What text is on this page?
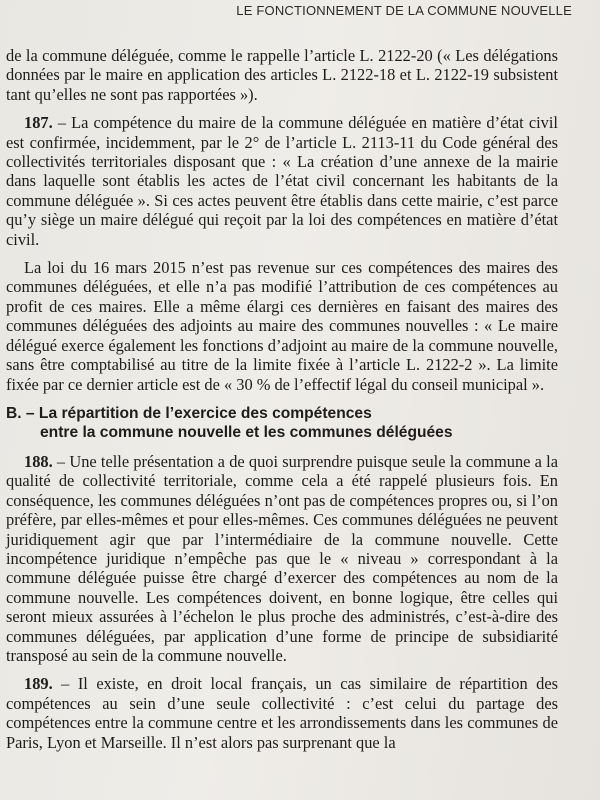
LE FONCTIONNEMENT DE LA COMMUNE NOUVELLE

de la commune déléguée, comme le rappelle l’article L. 2122-20 (« Les délégations données par le maire en application des articles L. 2122-18 et L. 2122-19 subsistent tant qu’elles ne sont pas rapportées »).

187. – La compétence du maire de la commune déléguée en matière d’état civil est confirmée, incidemment, par le 2° de l’article L. 2113-11 du Code général des collectivités territoriales disposant que : « La création d’une annexe de la mairie dans laquelle sont établis les actes de l’état civil concernant les habitants de la commune déléguée ». Si ces actes peuvent être établis dans cette mairie, c’est parce qu’y siège un maire délégué qui reçoit par la loi des compétences en matière d’état civil.

La loi du 16 mars 2015 n’est pas revenue sur ces compétences des maires des communes déléguées, et elle n’a pas modifié l’attribution de ces compétences au profit de ces maires. Elle a même élargi ces dernières en faisant des maires des communes déléguées des adjoints au maire des communes nouvelles : « Le maire délégué exerce également les fonctions d’adjoint au maire de la commune nouvelle, sans être comptabilisé au titre de la limite fixée à l’article L. 2122-2 ». La limite fixée par ce dernier article est de « 30 % de l’effectif légal du conseil municipal ».

B. – La répartition de l’exercice des compétences
entre la commune nouvelle et les communes déléguées

188. – Une telle présentation a de quoi surprendre puisque seule la commune a la qualité de collectivité territoriale, comme cela a été rappelé plusieurs fois. En conséquence, les communes déléguées n’ont pas de compétences propres ou, si l’on préfère, par elles-mêmes et pour elles-mêmes. Ces communes déléguées ne peuvent juridiquement agir que par l’intermédiaire de la commune nouvelle. Cette incompétence juridique n’empêche pas que le « niveau » correspondant à la commune déléguée puisse être chargé d’exercer des compétences au nom de la commune nouvelle. Les compétences doivent, en bonne logique, être celles qui seront mieux assurées à l’échelon le plus proche des administrés, c’est-à-dire des communes déléguées, par application d’une forme de principe de subsidiarité transposé au sein de la commune nouvelle.

189. – Il existe, en droit local français, un cas similaire de répartition des compétences au sein d’une seule collectivité : c’est celui du partage des compétences entre la commune centre et les arrondissements dans les communes de Paris, Lyon et Marseille. Il n’est alors pas surprenant que la
